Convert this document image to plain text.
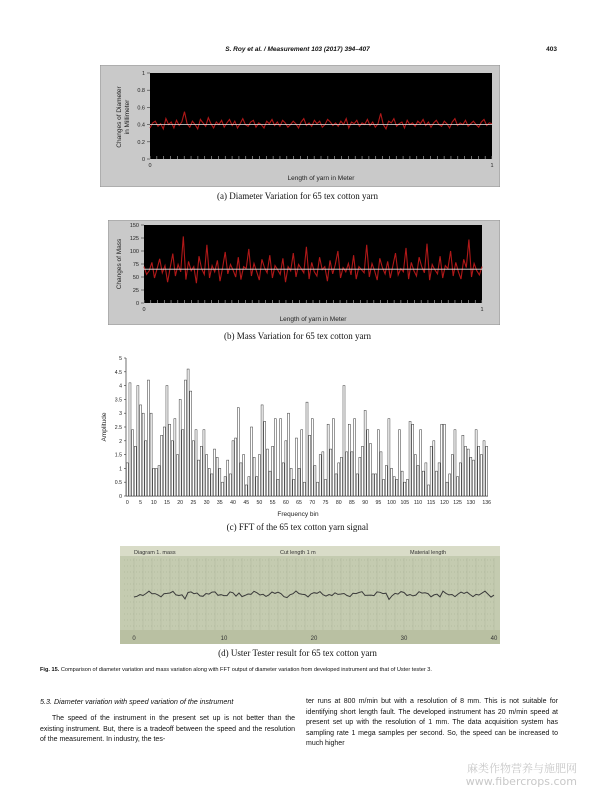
S. Roy et al. / Measurement 103 (2017) 394–407	403
0
0.2
0.4
0.6
0.8
1
0	1
Length of yarn in Meter
Changes of Diameterin Millimeter
(a) Diameter Variation for 65 tex cotton yarn
0
25
50
75
100
125
150
0	1
Length of yarn in Meter
Changes of Mass
(b) Mass Variation for 65 tex cotton yarn
0
0.5
1
1.5
2
2.5
3
3.5
4
4.5
5
0 5 10 15 20 25 30 35 40 45 50 55 60 65 70 75 80 85 90 95 100 105 110 115 120 125 130 136
Frequency bin
Amplitude
(c) FFT of the 65 tex cotton yarn signal
Diagram 1. mass	Cut length 1 m	Material length
0	10	20	30	40
(d) Uster Tester result for 65 tex cotton yarn
Fig. 15. Comparison of diameter variation and mass variation along with FFT output of diameter variation from developed instrument and that of Uster tester 3.
5.3. Diameter variation with speed variation of the instrument

The speed of the instrument in the present set up is not better than the existing instrument. But, there is a tradeoff between the speed and the resolution of the measurement. In industry, the tes-

ter runs at 800 m/min but with a resolution of 8 mm. This is not suitable for identifying short length fault. The developed instrument has 20 m/min speed at present set up with the resolution of 1 mm. The data acquisition system has sampling rate 1 mega samples per second. So, the speed can be increased to much higher

麻类作物营养与施肥网
www.fibercrops.com
